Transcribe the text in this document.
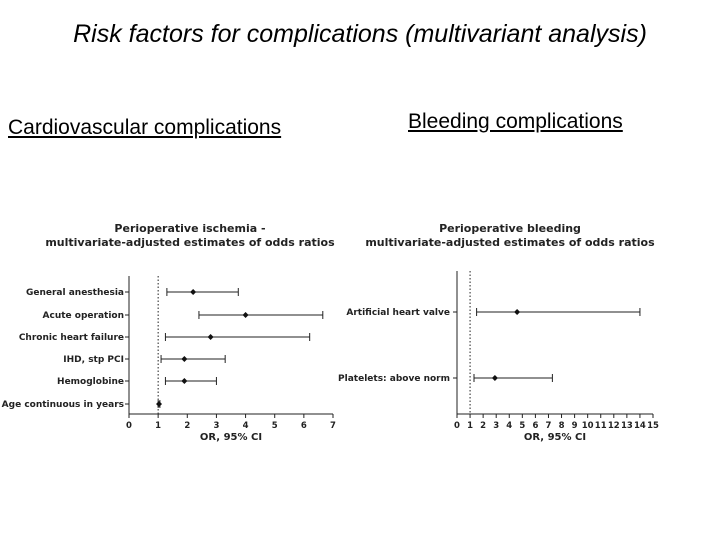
Risk factors for complications (multivariant analysis)
Cardiovascular complications	Bleeding complications
Perioperative ischemia -
multivariate-adjusted estimates of odds ratios
Perioperative bleeding
multivariate-adjusted estimates of odds ratios
0	1	2	3	4	5	6	7
OR, 95% CI
General anesthesia
Acute operation
Chronic heart failure
IHD, stp PCI
Hemoglobine
Age continuous in years
0 1 2 3 4 5 6 7 8 9 10 11 12 13 14 15
OR, 95% CI
Artificial heart valve
Platelets: above norm
